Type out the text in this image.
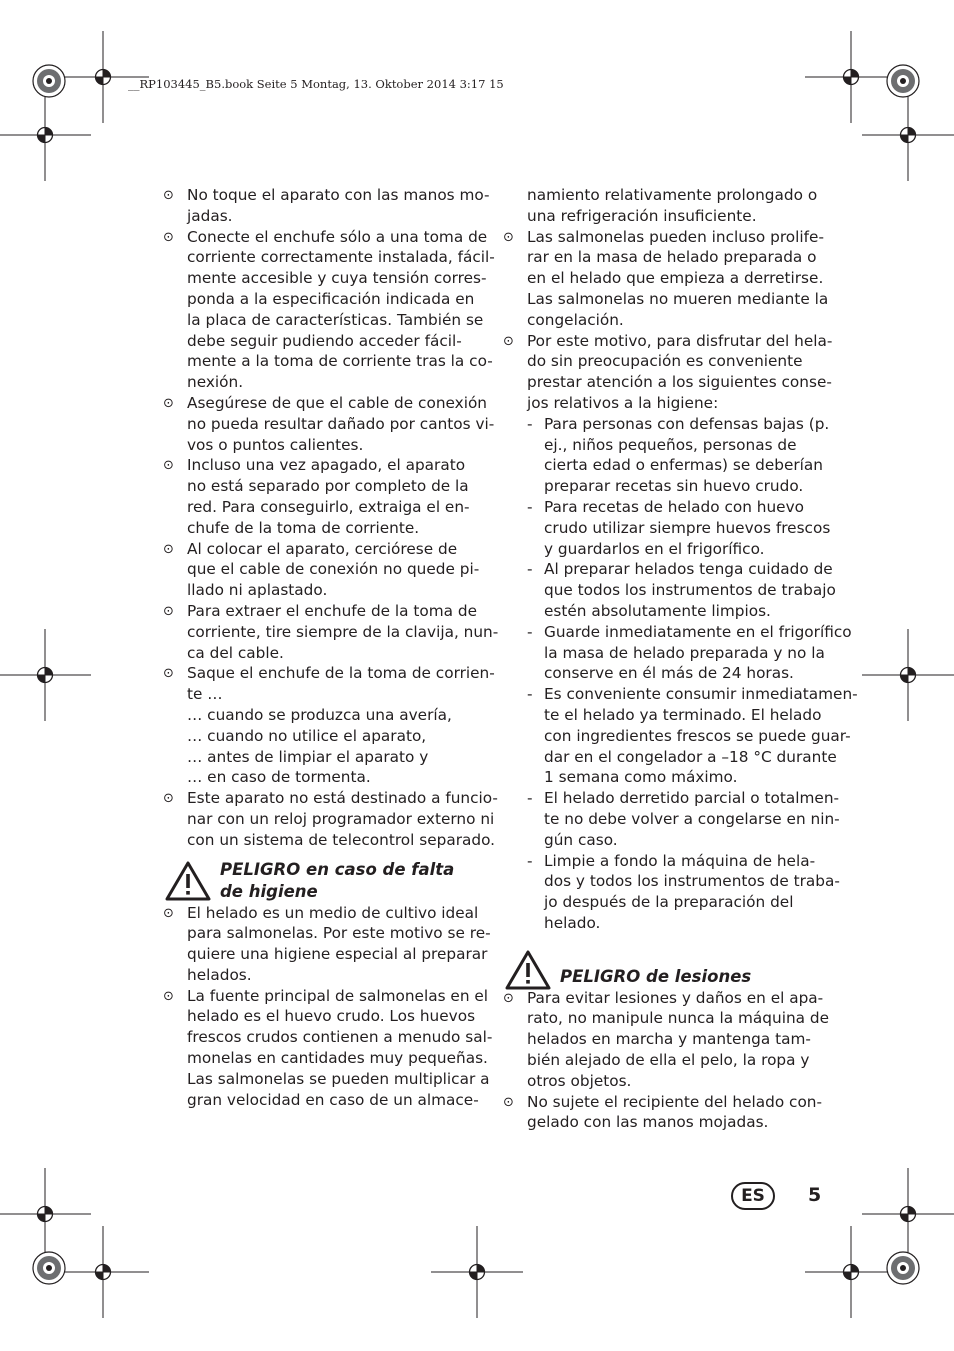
__RP103445_B5.book Seite 5 Montag, 13. Oktober 2014 3:17 15
⊙ No toque el aparato con las manos mo-
jadas.
⊙ Conecte el enchufe sólo a una toma de
corriente correctamente instalada, fácil-
mente accesible y cuya tensión corres-
ponda a la especificación indicada en
la placa de características. También se
debe seguir pudiendo acceder fácil-
mente a la toma de corriente tras la co-
nexión.
⊙ Asegúrese de que el cable de conexión
no pueda resultar dañado por cantos vi-
vos o puntos calientes.
⊙ Incluso una vez apagado, el aparato
no está separado por completo de la
red. Para conseguirlo, extraiga el en-
chufe de la toma de corriente.
⊙ Al colocar el aparato, cerciórese de
que el cable de conexión no quede pi-
llado ni aplastado.
⊙ Para extraer el enchufe de la toma de
corriente, tire siempre de la clavija, nun-
ca del cable.
⊙ Saque el enchufe de la toma de corrien-
te …
… cuando se produzca una avería,
… cuando no utilice el aparato,
… antes de limpiar el aparato y
… en caso de tormenta.
⊙ Este aparato no está destinado a funcio-
nar con un reloj programador externo ni
con un sistema de telecontrol separado.
PELIGRO en caso de falta
de higiene
⊙ El helado es un medio de cultivo ideal
para salmonelas. Por este motivo se re-
quiere una higiene especial al preparar
helados.
⊙ La fuente principal de salmonelas en el
helado es el huevo crudo. Los huevos
frescos crudos contienen a menudo sal-
monelas en cantidades muy pequeñas.
Las salmonelas se pueden multiplicar a
gran velocidad en caso de un almace-
namiento relativamente prolongado o
una refrigeración insuficiente.
⊙ Las salmonelas pueden incluso prolife-
rar en la masa de helado preparada o
en el helado que empieza a derretirse.
Las salmonelas no mueren mediante la
congelación.
⊙ Por este motivo, para disfrutar del hela-
do sin preocupación es conveniente
prestar atención a los siguientes conse-
jos relativos a la higiene:
- Para personas con defensas bajas (p.
ej., niños pequeños, personas de
cierta edad o enfermas) se deberían
preparar recetas sin huevo crudo.
- Para recetas de helado con huevo
crudo utilizar siempre huevos frescos
y guardarlos en el frigorífico.
- Al preparar helados tenga cuidado de
que todos los instrumentos de trabajo
estén absolutamente limpios.
- Guarde inmediatamente en el frigorífico
la masa de helado preparada y no la
conserve en él más de 24 horas.
- Es conveniente consumir inmediatamen-
te el helado ya terminado. El helado
con ingredientes frescos se puede guar-
dar en el congelador a –18 °C durante
1 semana como máximo.
- El helado derretido parcial o totalmen-
te no debe volver a congelarse en nin-
gún caso.
- Limpie a fondo la máquina de hela-
dos y todos los instrumentos de traba-
jo después de la preparación del
helado.
PELIGRO de lesiones
⊙ Para evitar lesiones y daños en el apa-
rato, no manipule nunca la máquina de
helados en marcha y mantenga tam-
bién alejado de ella el pelo, la ropa y
otros objetos.
⊙ No sujete el recipiente del helado con-
gelado con las manos mojadas.
ES	5
